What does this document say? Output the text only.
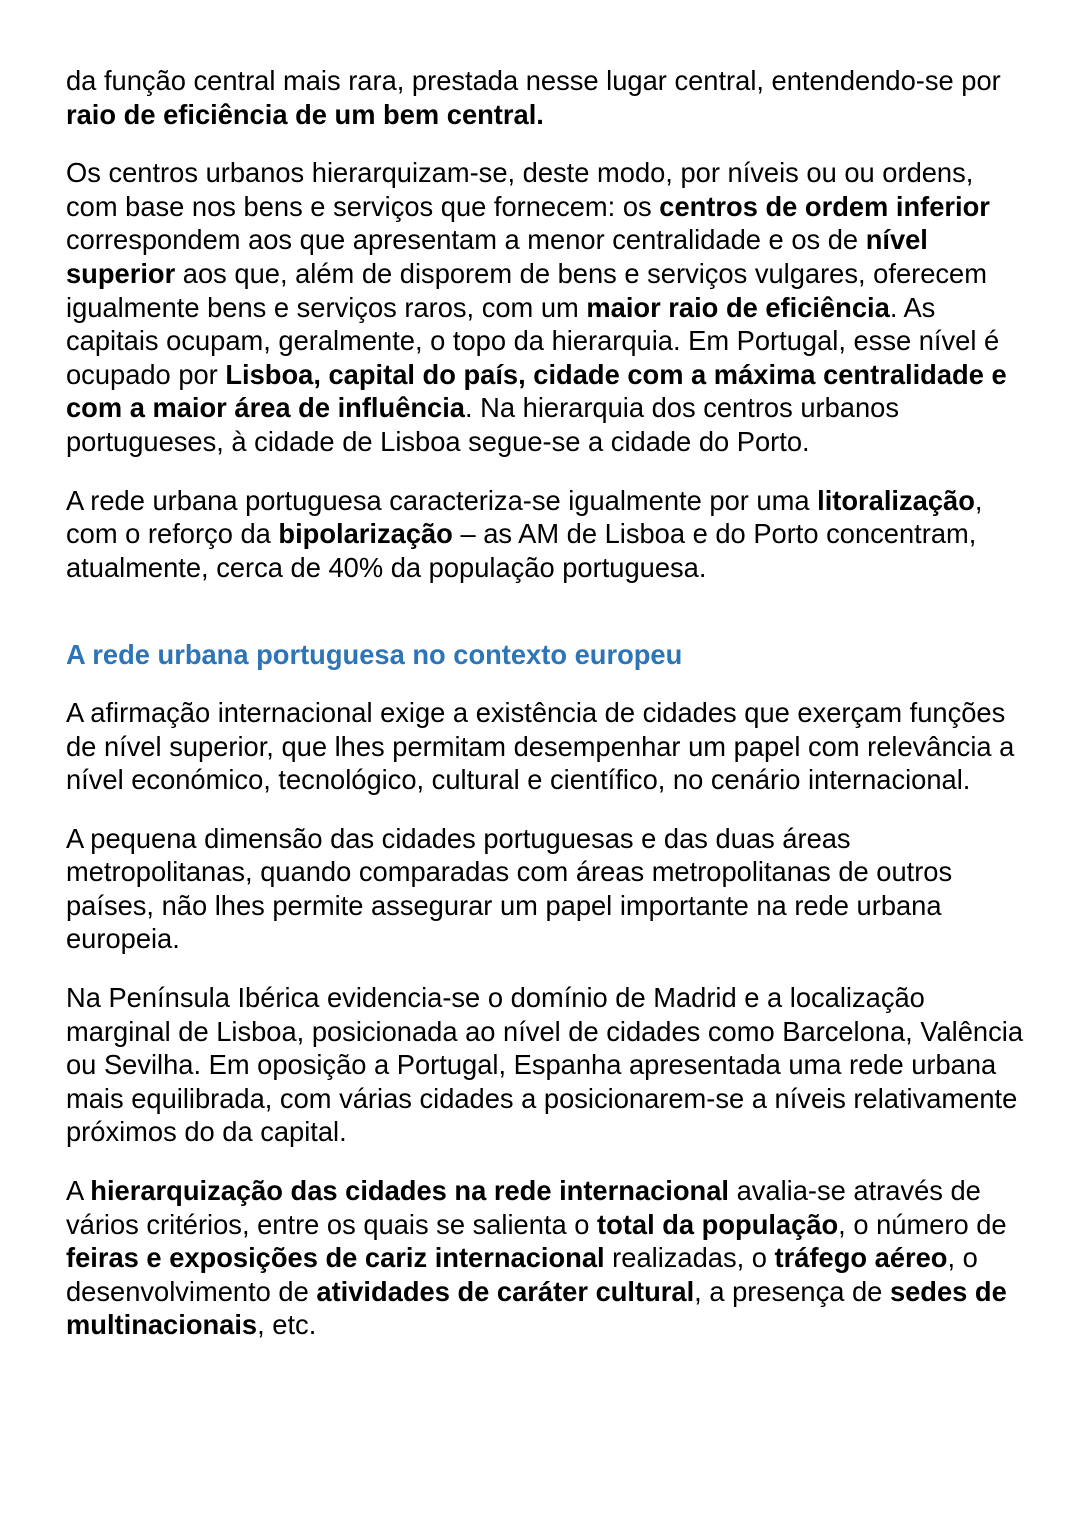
da função central mais rara, prestada nesse lugar central, entendendo-se por raio de eficiência de um bem central.

Os centros urbanos hierarquizam-se, deste modo, por níveis ou ou ordens, com base nos bens e serviços que fornecem: os centros de ordem inferior correspondem aos que apresentam a menor centralidade e os de nível superior aos que, além de disporem de bens e serviços vulgares, oferecem igualmente bens e serviços raros, com um maior raio de eficiência. As capitais ocupam, geralmente, o topo da hierarquia. Em Portugal, esse nível é ocupado por Lisboa, capital do país, cidade com a máxima centralidade e com a maior área de influência. Na hierarquia dos centros urbanos portugueses, à cidade de Lisboa segue-se a cidade do Porto.

A rede urbana portuguesa caracteriza-se igualmente por uma litoralização, com o reforço da bipolarização – as AM de Lisboa e do Porto concentram, atualmente, cerca de 40% da população portuguesa.

A rede urbana portuguesa no contexto europeu

A afirmação internacional exige a existência de cidades que exerçam funções de nível superior, que lhes permitam desempenhar um papel com relevância a nível económico, tecnológico, cultural e científico, no cenário internacional.

A pequena dimensão das cidades portuguesas e das duas áreas metropolitanas, quando comparadas com áreas metropolitanas de outros países, não lhes permite assegurar um papel importante na rede urbana europeia.

Na Península Ibérica evidencia-se o domínio de Madrid e a localização marginal de Lisboa, posicionada ao nível de cidades como Barcelona, Valência ou Sevilha. Em oposição a Portugal, Espanha apresentada uma rede urbana mais equilibrada, com várias cidades a posicionarem-se a níveis relativamente próximos do da capital.

A hierarquização das cidades na rede internacional avalia-se através de vários critérios, entre os quais se salienta o total da população, o número de feiras e exposições de cariz internacional realizadas, o tráfego aéreo, o desenvolvimento de atividades de caráter cultural, a presença de sedes de multinacionais, etc.
